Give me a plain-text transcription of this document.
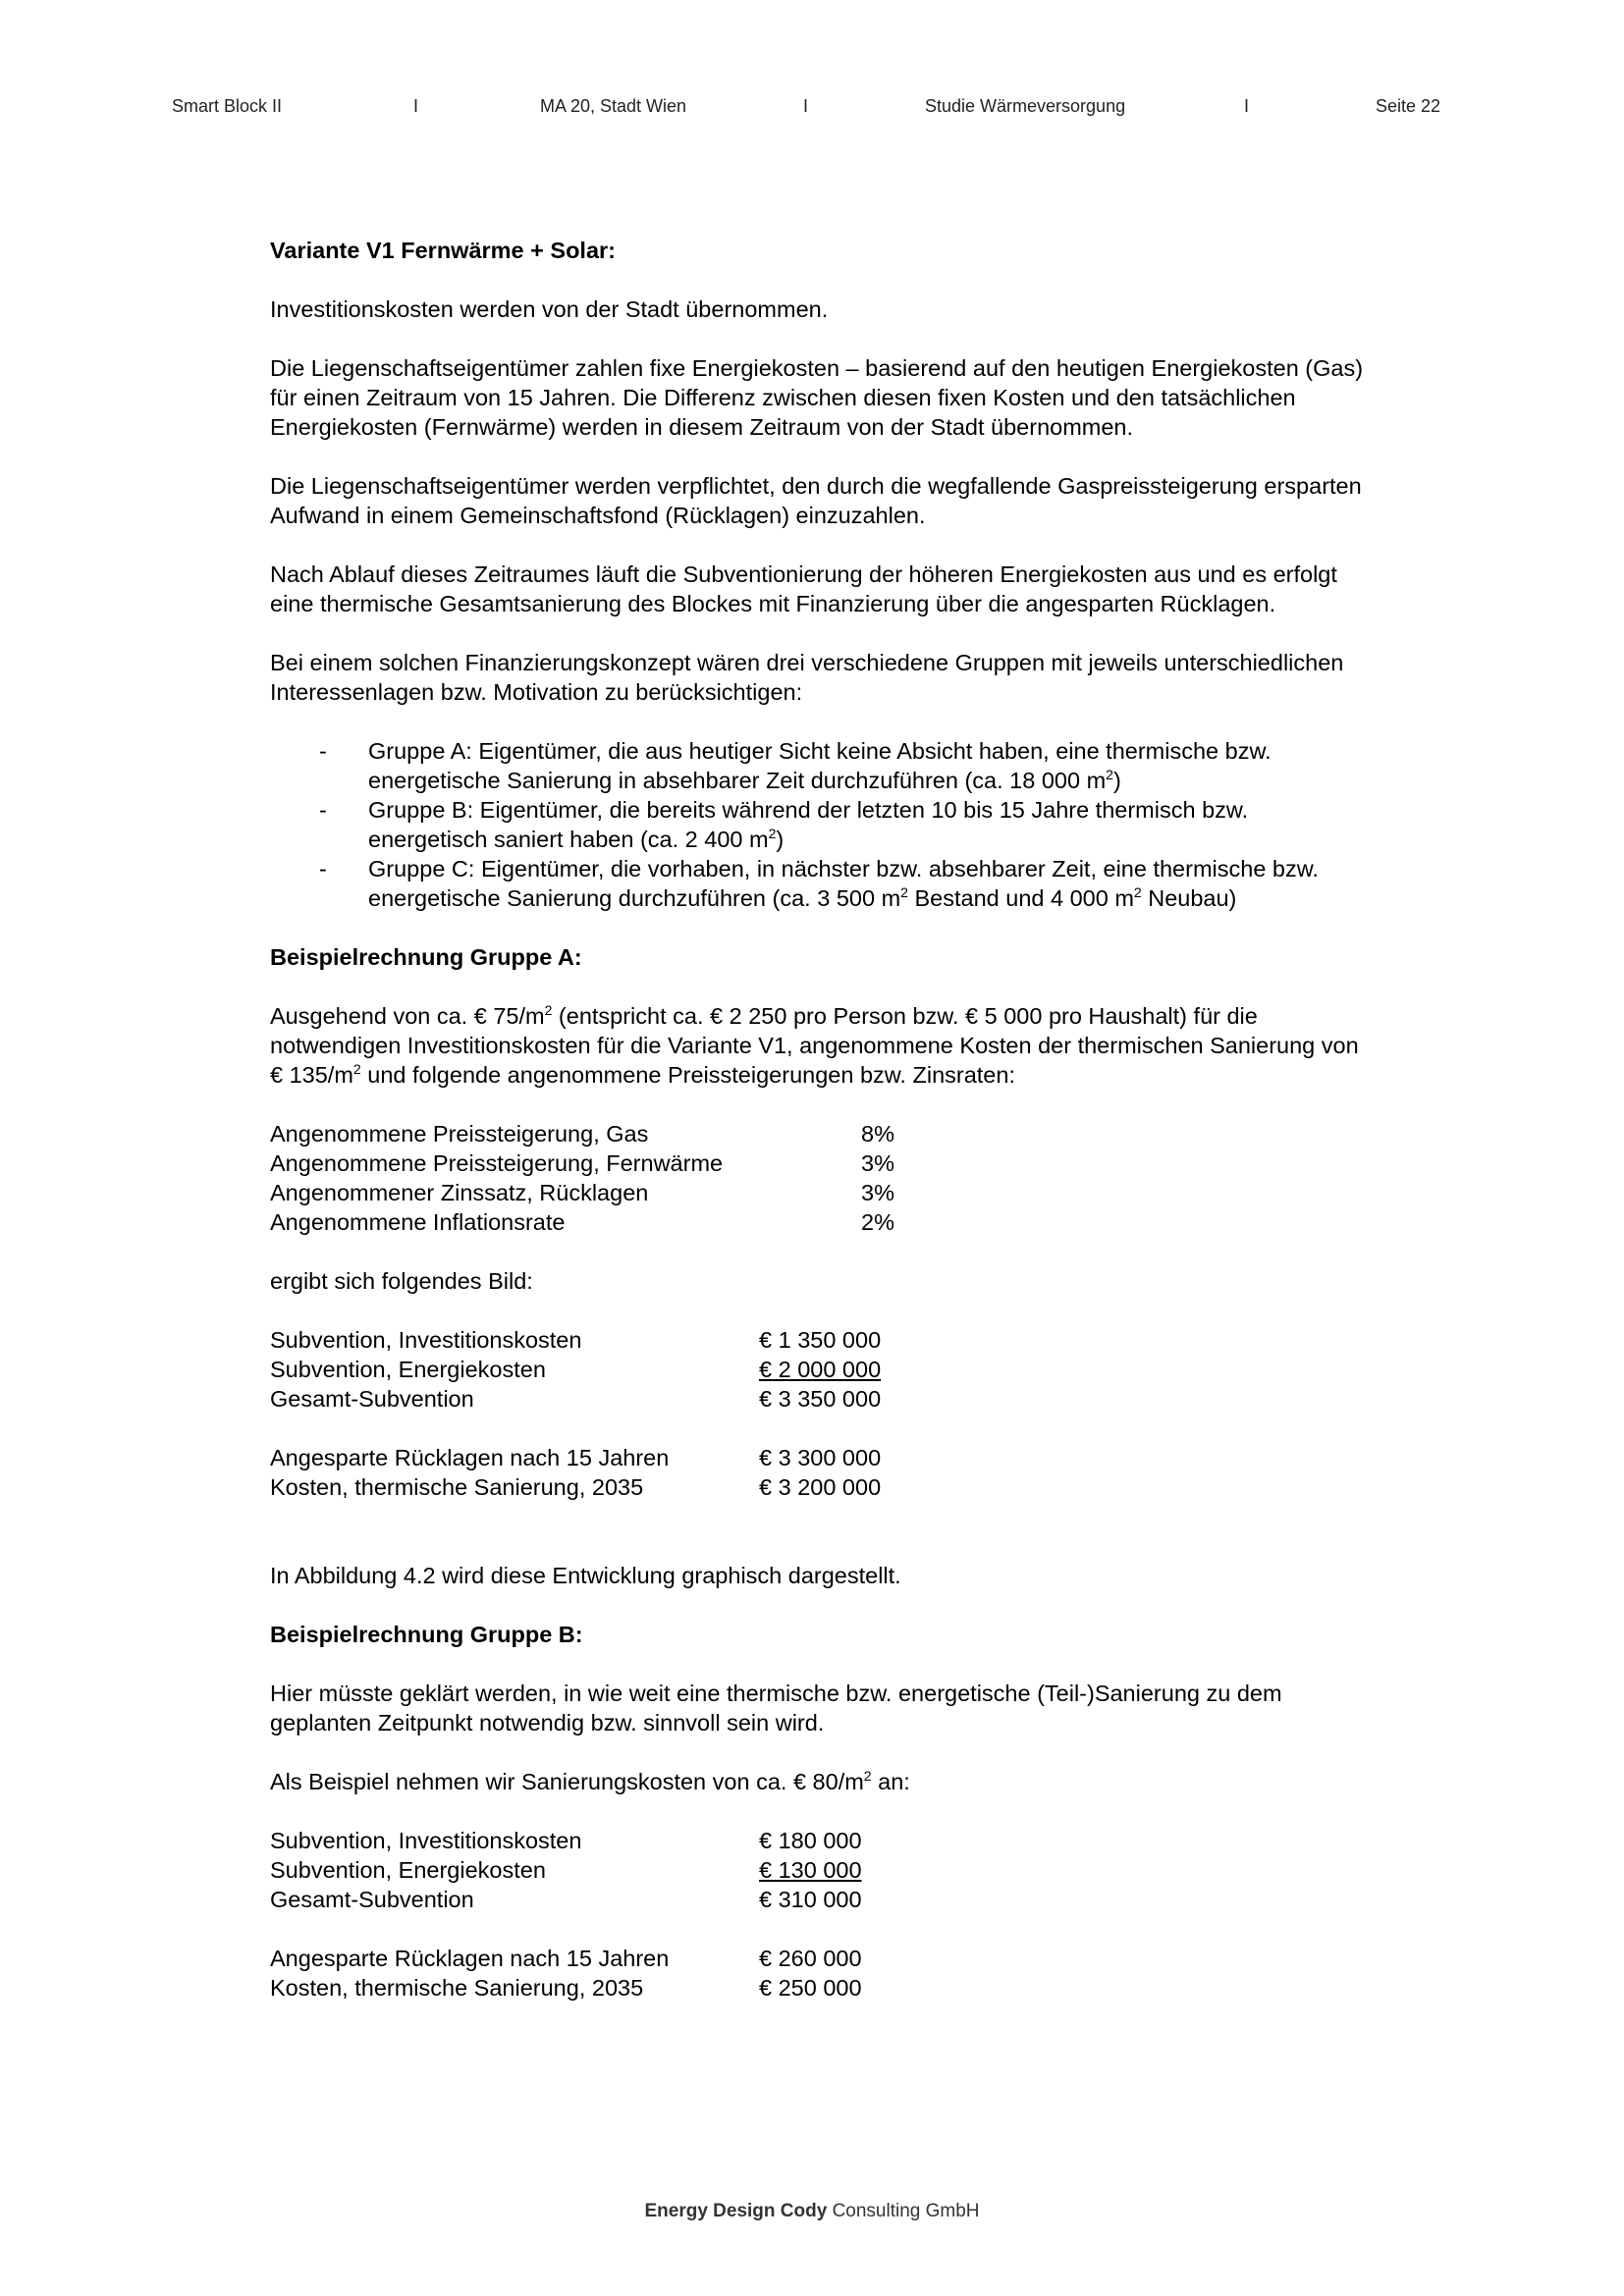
Smart Block II	I	MA 20, Stadt Wien	I	Studie Wärmeversorgung	I	Seite 22

Variante V1 Fernwärme + Solar:

Investitionskosten werden von der Stadt übernommen.

Die Liegenschaftseigentümer zahlen fixe Energiekosten – basierend auf den heutigen Energiekosten (Gas)
für einen Zeitraum von 15 Jahren. Die Differenz zwischen diesen fixen Kosten und den tatsächlichen
Energiekosten (Fernwärme) werden in diesem Zeitraum von der Stadt übernommen.

Die Liegenschaftseigentümer werden verpflichtet, den durch die wegfallende Gaspreissteigerung ersparten
Aufwand in einem Gemeinschaftsfond (Rücklagen) einzuzahlen.

Nach Ablauf dieses Zeitraumes läuft die Subventionierung der höheren Energiekosten aus und es erfolgt
eine thermische Gesamtsanierung des Blockes mit Finanzierung über die angesparten Rücklagen.

Bei einem solchen Finanzierungskonzept wären drei verschiedene Gruppen mit jeweils unterschiedlichen
Interessenlagen bzw. Motivation zu berücksichtigen:

- Gruppe A: Eigentümer, die aus heutiger Sicht keine Absicht haben, eine thermische bzw.
energetische Sanierung in absehbarer Zeit durchzuführen (ca. 18 000 $m^2$)
- Gruppe B: Eigentümer, die bereits während der letzten 10 bis 15 Jahre thermisch bzw.
energetisch saniert haben (ca. 2 400 $m^2$)
- Gruppe C: Eigentümer, die vorhaben, in nächster bzw. absehbarer Zeit, eine thermische bzw.
energetische Sanierung durchzuführen (ca. 3 500 $m^2$ Bestand und 4 000 $m^2$ Neubau)

Beispielrechnung Gruppe A:

Ausgehend von ca. € $75/m^2$ (entspricht ca. € 2 250 pro Person bzw. € 5 000 pro Haushalt) für die
notwendigen Investitionskosten für die Variante V1, angenommene Kosten der thermischen Sanierung von
€ $135/m^2$ und folgende angenommene Preissteigerungen bzw. Zinsraten:

Angenommene Preissteigerung, Gas	8%
Angenommene Preissteigerung, Fernwärme	3%
Angenommener Zinssatz, Rücklagen	3%
Angenommene Inflationsrate	2%

ergibt sich folgendes Bild:

Subvention, Investitionskosten	€ 1 350 000
Subvention, Energiekosten	€ 2 000 000
Gesamt-Subvention	€ 3 350 000
Angesparte Rücklagen nach 15 Jahren	€ 3 300 000
Kosten, thermische Sanierung, 2035	€ 3 200 000

In Abbildung 4.2 wird diese Entwicklung graphisch dargestellt.

Beispielrechnung Gruppe B:

Hier müsste geklärt werden, in wie weit eine thermische bzw. energetische (Teil-)Sanierung zu dem
geplanten Zeitpunkt notwendig bzw. sinnvoll sein wird.

Als Beispiel nehmen wir Sanierungskosten von ca. € $80/m^2$ an:

Subvention, Investitionskosten	€ 180 000
Subvention, Energiekosten	€ 130 000
Gesamt-Subvention	€ 310 000
Angesparte Rücklagen nach 15 Jahren	€ 260 000
Kosten, thermische Sanierung, 2035	€ 250 000
Energy Design Cody Consulting GmbH
